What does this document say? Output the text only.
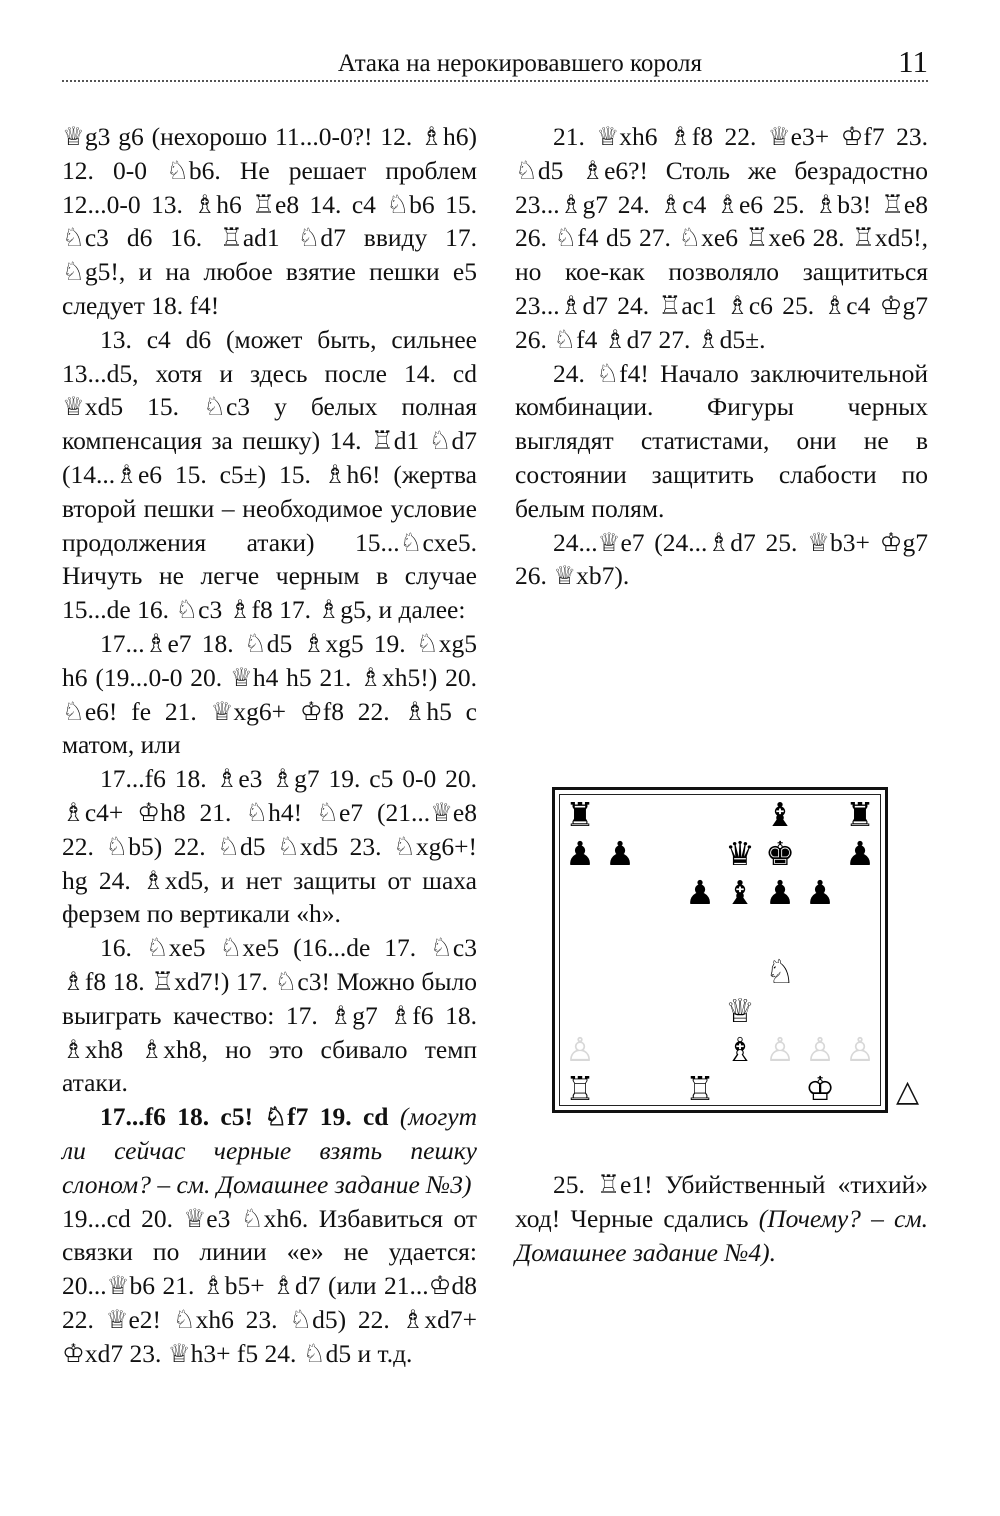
Атака на нерокировавшего короля	11

♕g3 g6 (нехорошо 11...0-0?! 12. ♗h6) 12. 0-0 ♘b6. Не решает проблем 12...0-0 13. ♗h6 ♖e8 14. c4 ♘b6 15. ♘c3 d6 16. ♖ad1 ♘d7 ввиду 17. ♘g5!, и на любое взятие пешки е5 следует 18. f4!

13. c4 d6 (может быть, сильнее 13...d5, хотя и здесь после 14. cd ♕xd5 15. ♘c3 у белых полная компенсация за пешку) 14. ♖d1 ♘d7 (14...♗e6 15. c5±) 15. ♗h6! (жертва второй пешки – необходимое условие продолжения атаки) 15...♘cxe5. Ничуть не легче черным в случае 15...de 16. ♘c3 ♗f8 17. ♗g5, и далее:

17...♗e7 18. ♘d5 ♗xg5 19. ♘xg5 h6 (19...0-0 20. ♕h4 h5 21. ♗xh5!) 20. ♘e6! fe 21. ♕xg6+ ♔f8 22. ♗h5 с матом, или

17...f6 18. ♗e3 ♗g7 19. c5 0-0 20. ♗c4+ ♔h8 21. ♘h4! ♘e7 (21...♕e8 22. ♘b5) 22. ♘d5 ♘xd5 23. ♘xg6+! hg 24. ♗xd5, и нет защиты от шаха ферзем по вертикали «h».

16. ♘xe5 ♘xe5 (16...de 17. ♘c3 ♗f8 18. ♖xd7!) 17. ♘c3! Можно было выиграть качество: 17. ♗g7 ♗f6 18. ♗xh8 ♗xh8, но это сбивало темп атаки.

17...f6 18. c5! ♘f7 19. cd (могут ли сейчас черные взять пешку слоном? – см. Домашнее задание №3)

19...cd 20. ♕e3 ♘xh6. Избавиться от связки по линии «е» не удается: 20...♕b6 21. ♗b5+ ♗d7 (или 21...♔d8 22. ♕e2! ♘xh6 23. ♘d5) 22. ♗xd7+ ♔xd7 23. ♕h3+ f5 24. ♘d5 и т.д.

21. ♕xh6 ♗f8 22. ♕e3+ ♔f7 23. ♘d5 ♗e6?! Столь же безрадостно 23...♗g7 24. ♗c4 ♗e6 25. ♗b3! ♖e8 26. ♘f4 d5 27. ♘xe6 ♖xe6 28. ♖xd5!, но кое-как позволяло защититься 23...♗d7 24. ♖ac1 ♗c6 25. ♗c4 ♔g7 26. ♘f4 ♗d7 27. ♗d5±.

24. ♘f4! Начало заключительной комбинации. Фигуры черных выглядят статистами, они не в состоянии защитить слабости по белым полям.

24...♕e7 (24...♗d7 25. ♕b3+ ♔g7 26. ♕xb7).

♜	♝ ♜
♟ ♟	♛ ♚ ♟
♟ ♝ ♟ ♟
♘
♕
♙	♗ ♙ ♙ ♙
♖	♖	♔ △

25. ♖e1! Убийственный «тихий» ход! Черные сдались (Почему? – см. Домашнее задание №4).
